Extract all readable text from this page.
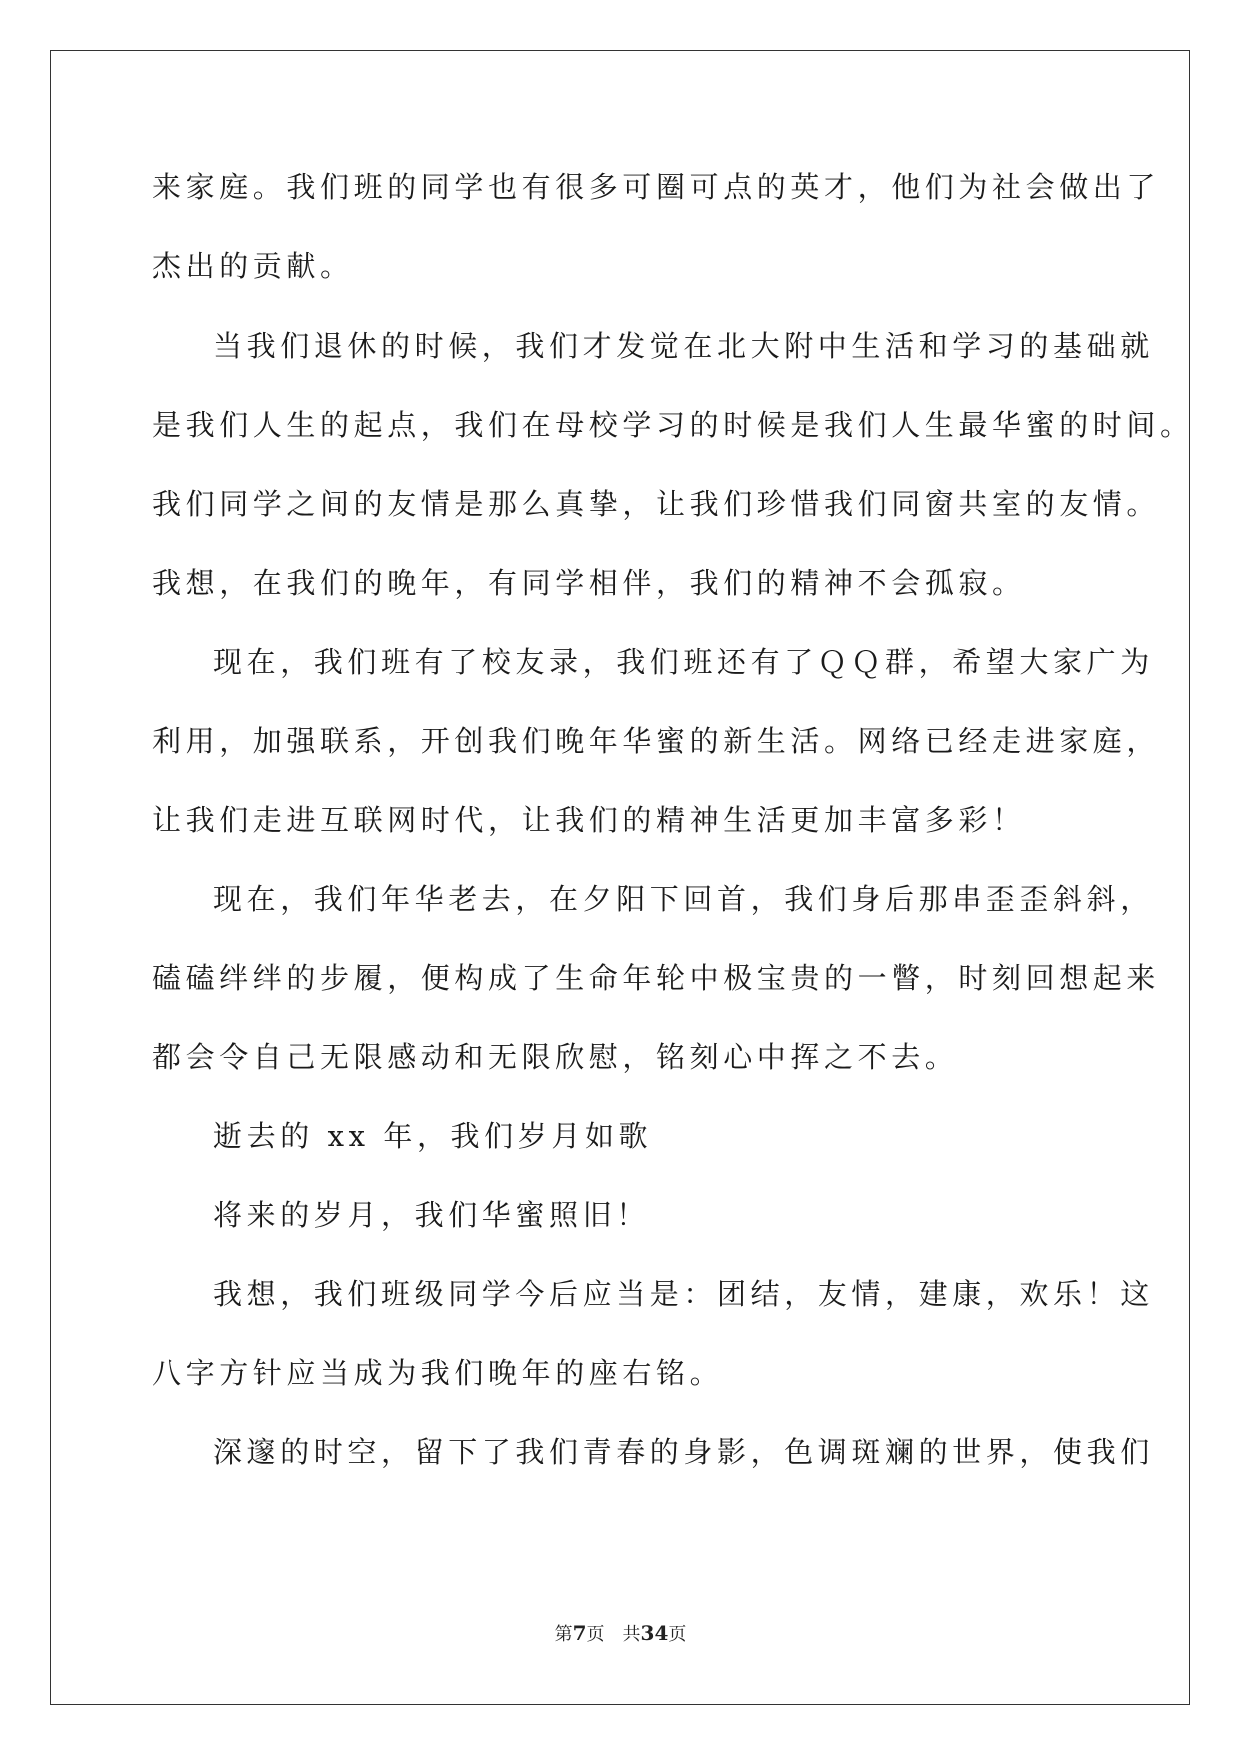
来家庭。我们班的同学也有很多可圈可点的英才，他们为社会做出了
杰出的贡献。
当我们退休的时候，我们才发觉在北大附中生活和学习的基础就
是我们人生的起点，我们在母校学习的时候是我们人生最华蜜的时间。
我们同学之间的友情是那么真挚，让我们珍惜我们同窗共室的友情。
我想，在我们的晚年，有同学相伴，我们的精神不会孤寂。
现在，我们班有了校友录，我们班还有了ＱＱ群，希望大家广为
利用，加强联系，开创我们晚年华蜜的新生活。网络已经走进家庭，
让我们走进互联网时代，让我们的精神生活更加丰富多彩！
现在，我们年华老去，在夕阳下回首，我们身后那串歪歪斜斜，
磕磕绊绊的步履，便构成了生命年轮中极宝贵的一瞥，时刻回想起来
都会令自己无限感动和无限欣慰，铭刻心中挥之不去。
逝去的 xx 年，我们岁月如歌
将来的岁月，我们华蜜照旧！
我想，我们班级同学今后应当是：团结，友情，建康，欢乐！这
八字方针应当成为我们晚年的座右铭。
深邃的时空，留下了我们青春的身影，色调斑斓的世界，使我们
第7页　共34页
